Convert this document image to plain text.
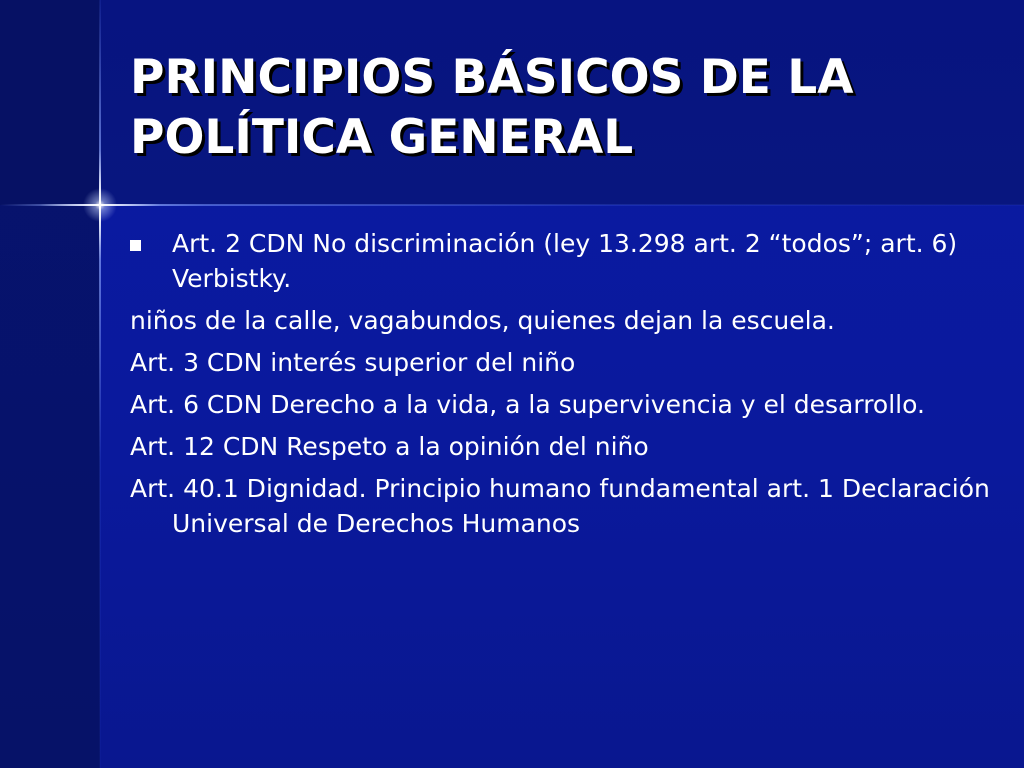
PRINCIPIOS BÁSICOS DE LA POLÍTICA GENERAL
Art. 2 CDN No discriminación (ley 13.298 art. 2 “todos”; art. 6) Verbistky.

niños de la calle, vagabundos, quienes dejan la escuela.

Art. 3 CDN interés superior del niño

Art. 6 CDN Derecho a la vida, a la supervivencia y el desarrollo.

Art. 12 CDN Respeto a la opinión del niño

Art. 40.1 Dignidad. Principio humano fundamental art. 1 Declaración Universal de Derechos Humanos
